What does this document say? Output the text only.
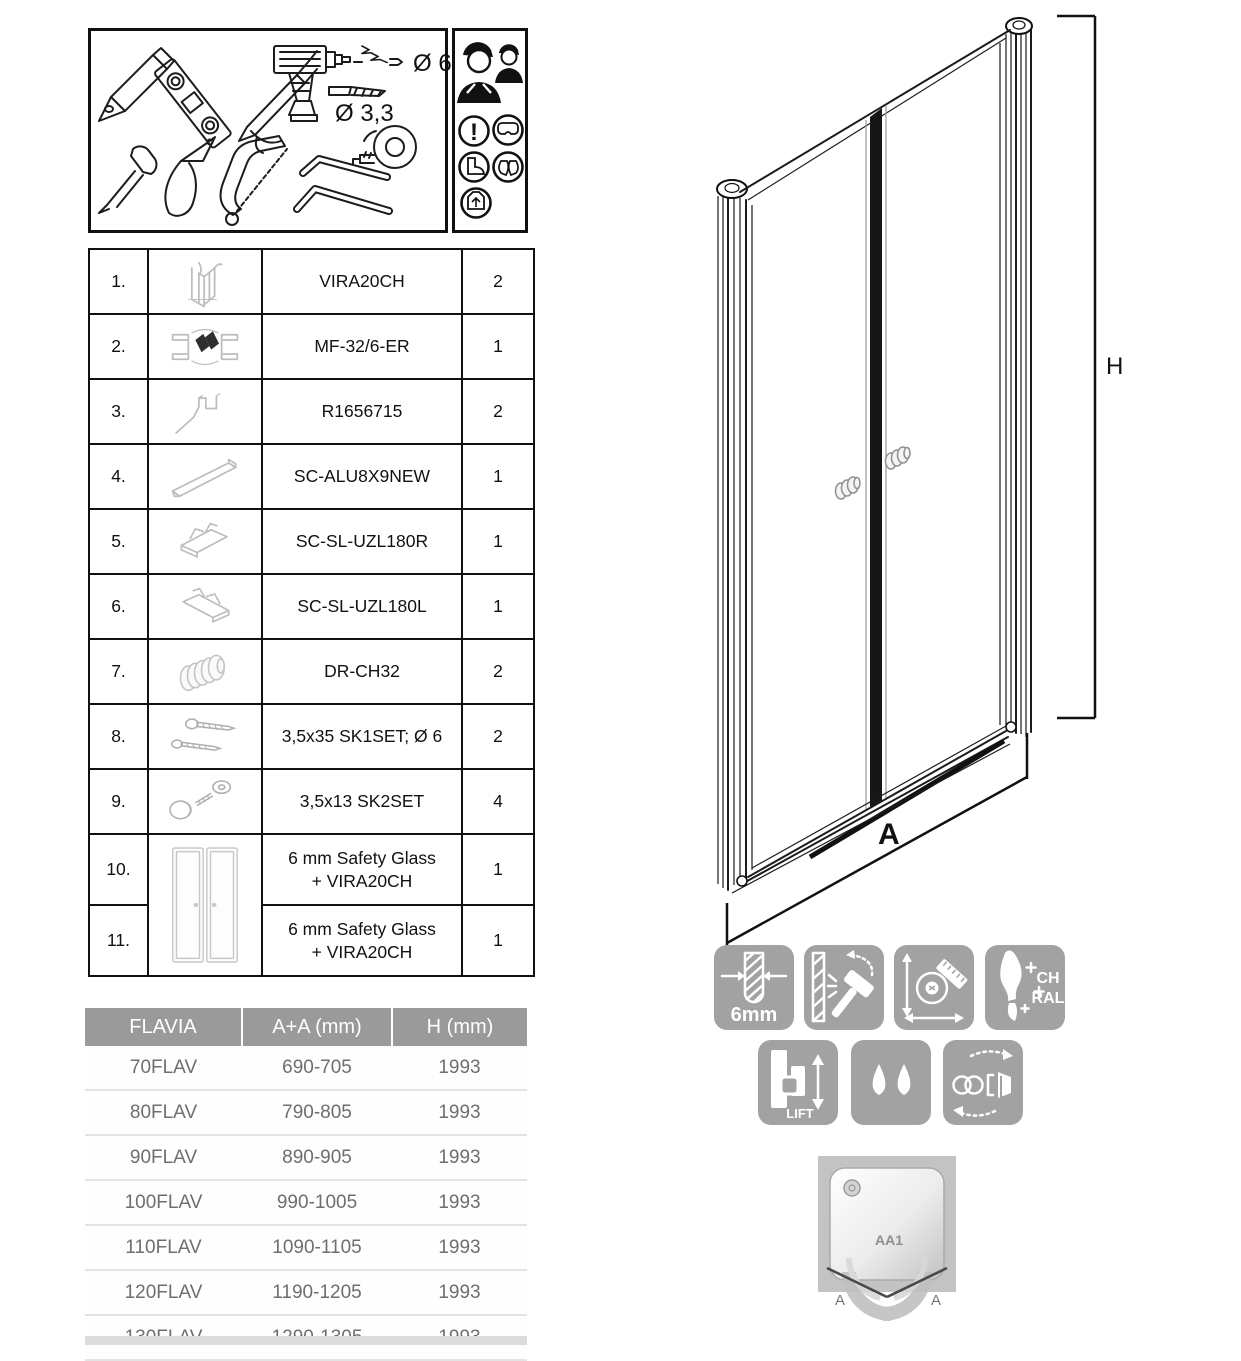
Ø 6
Ø 3,3
!
1.		VIRA20CH	2
2.		MF-32/6-ER	1
3.		R1656715	2
4.		SC-ALU8X9NEW	1
5.		SC-SL-UZL180R	1
6.		SC-SL-UZL180L	1
7.		DR-CH32	2
8.		3,5x35 SK1SET; Ø 6	2
9.		3,5x13 SK2SET	4
10.		6 mm Safety Glass
+ VIRA20CH	1
11.		6 mm Safety Glass
+ VIRA20CH	1
FLAVIA	A+A (mm)	H (mm)
70FLAV	690-705	1993
80FLAV	790-805	1993
90FLAV	890-905	1993
100FLAV	990-1005	1993
110FLAV	1090-1105	1993
120FLAV	1190-1205	1993

H
A
6mm
CH
RAL
LIFT
AA1
A	A
